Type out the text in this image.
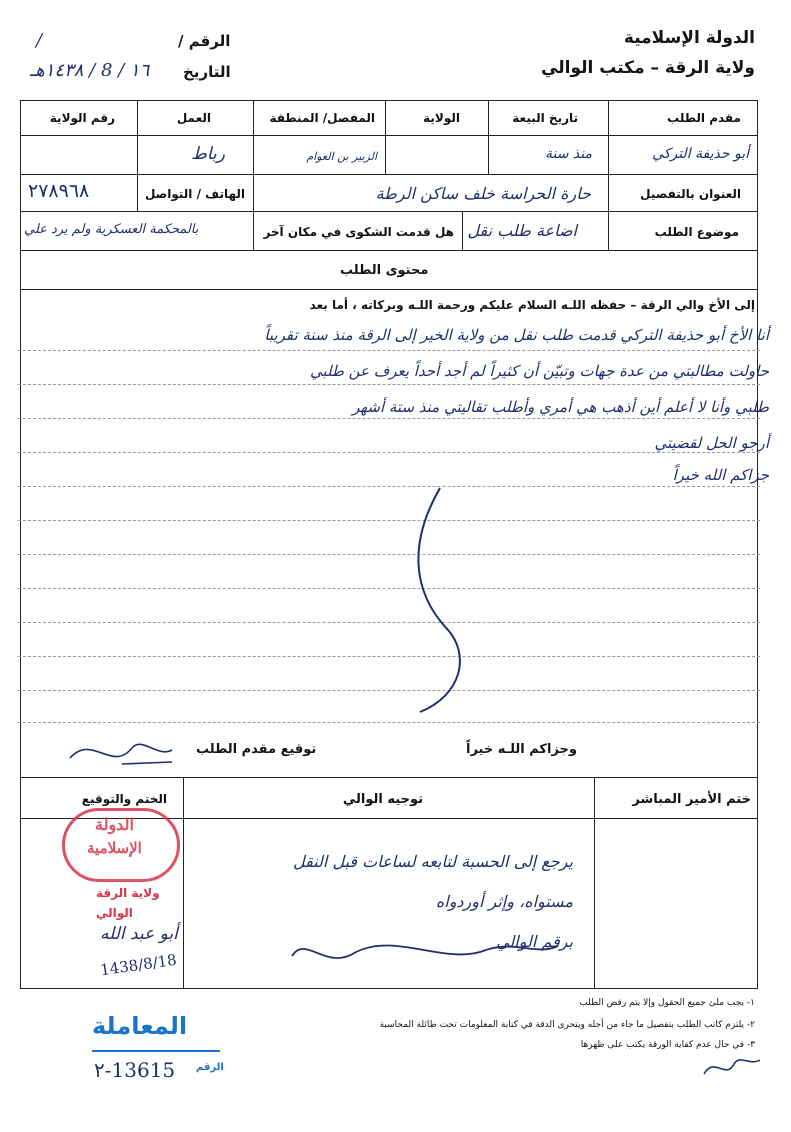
الدولة الإسلامية
ولاية الرقة – مكتب الوالي
الرقم /
/
التاريخ
١٦ / 8 / ١٤٣٨هـ
مقدم الطلب
تاريخ البيعة
الولاية
المفصل/ المنطقة
العمل
رقم الولاية
أبو حذيفة التركي
منذ سنة
الزبير بن العوام
رباط
العنوان بالتفصيل
حارة الحراسة خلف ساكن الرطة
الهاتف / التواصل
٢٧٨٩٦٨
موضوع الطلب
اضاعة طلب نقل
هل قدمت الشكوى في مكان آخر
بالمحكمة العسكرية ولم يرد علي
محتوى الطلب
إلى الأخ والي الرقة – حفظه اللـه السلام عليكم ورحمة اللـه وبركاته ، أما بعد
أنا الأخ أبو حذيفة التركي قدمت طلب نقل من ولاية الخير إلى الرقة منذ سنة تقريباً
حاولت مطالبتي من عدة جهات وتبيّن أن كثيراً لم أجد أحداً يعرف عن طلبي
طلبي وأنا لا أعلم أين أذهب هي أمري وأطلب تقاليتي منذ ستة أشهر
أرجو الحل لقضيتي
جزاكم الله خيراً
وجزاكم اللـه خيراً
توقيع مقدم الطلب
ختم الأمير المباشر
توجيه الوالي
الختم والتوقيع
يرجع إلى الحسبة لتابعه لساعات قبل النقل
مستواه، وإثر أوردواه
برقم الوالي
الدولة
الإسلامية
ولاية الرقة
الوالي
أبو عبد الله
1438/8/18
١- يجب ملئ جميع الحقول وإلا يتم رفض الطلب
٢- يلتزم كاتب الطلب بتفصيل ما جاء من أجله ويتحرى الدقة في كتابة المعلومات تحت طائلة المحاسبة
٣- في حال عدم كفاية الورقة يكتب على ظهرها
المعاملة
الرقم
13615-٢
